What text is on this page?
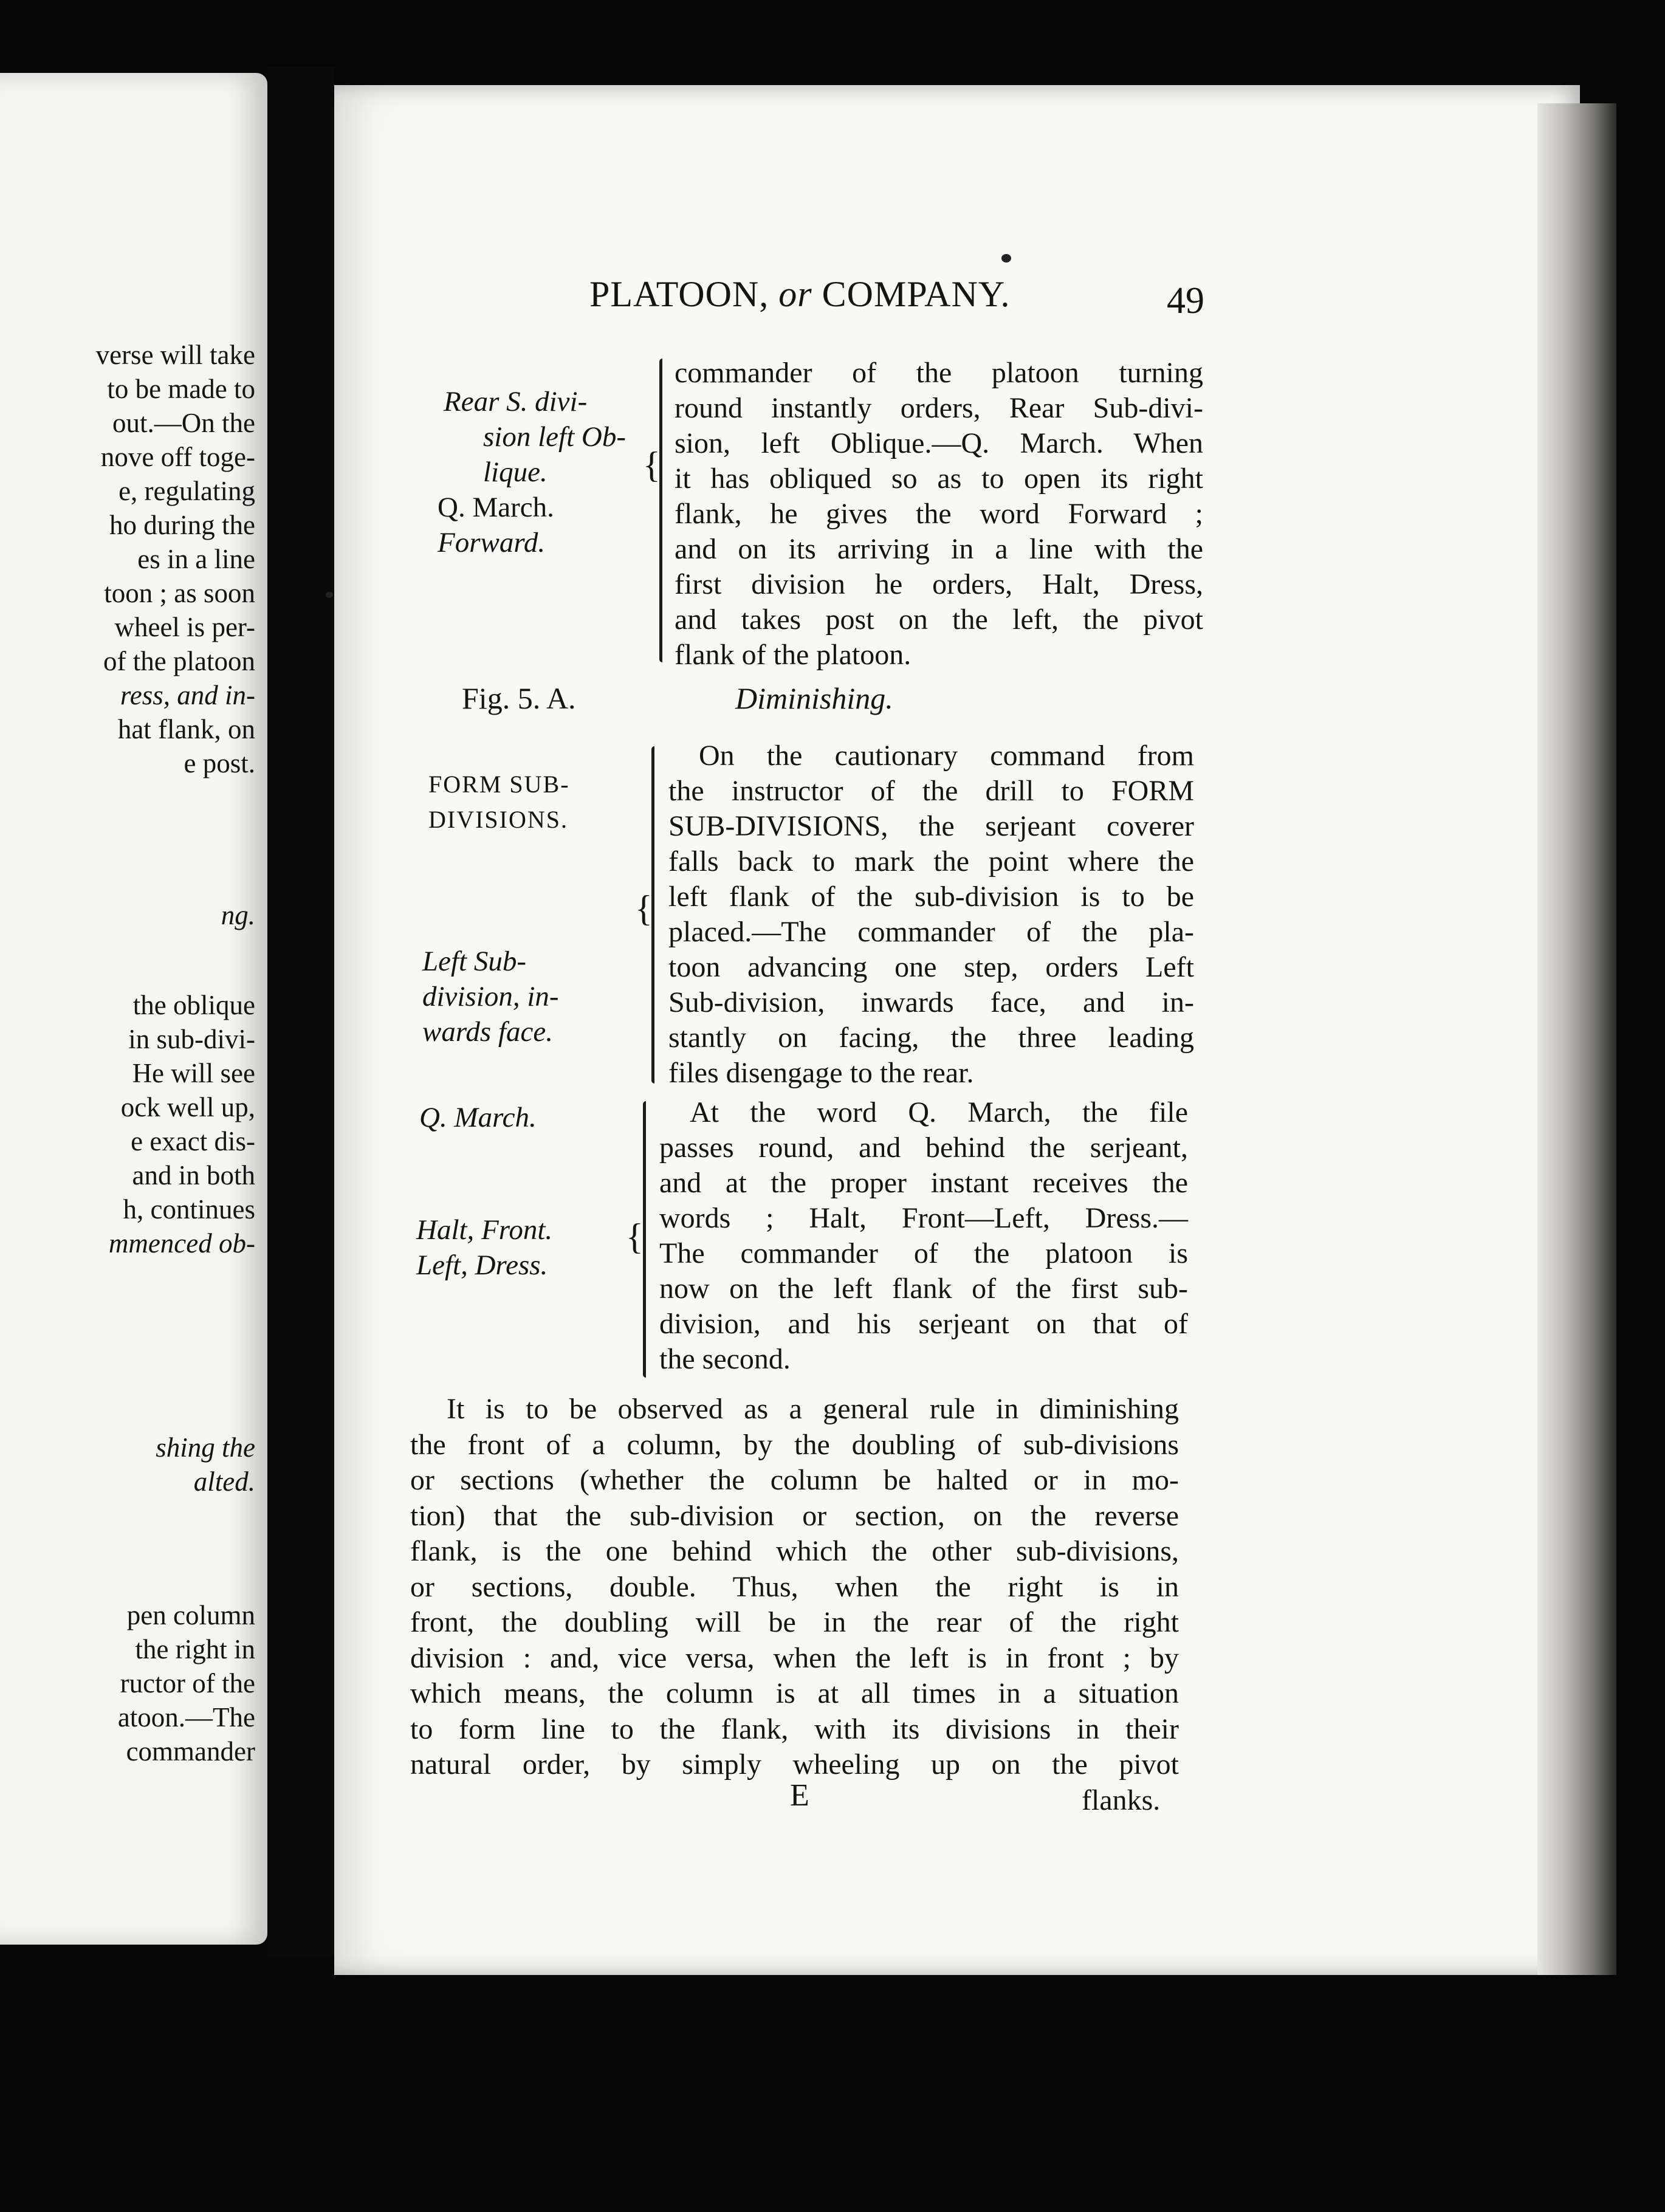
verse will take
to be made to
out.—On the
nove off toge-
e, regulating
ho during the
es in a line
toon ; as soon
wheel is per-
of the platoon
ress, and in-
hat flank, on
e post.
ng.
the oblique
in sub-divi-
He will see
ock well up,
e exact dis-
and in both
h, continues
mmenced ob-
shing the
alted.
pen column
the right in
ructor of the
atoon.—The
commander
PLATOON, or COMPANY.	49
Rear S. divi-
sion left Ob-
lique.
Q. March.
Forward.
{
commander of the platoon turning
round instantly orders, Rear Sub-divi-
sion, left Oblique.—Q. March. When
it has obliqued so as to open its right
flank, he gives the word Forward ;
and on its arriving in a line with the
first division he orders, Halt, Dress,
and takes post on the left, the pivot
flank of the platoon.
Fig. 5. A.	Diminishing.
FORM SUB-
DIVISIONS.
Left Sub-
division, in-
wards face.
{
On the cautionary command from
the instructor of the drill to FORM
SUB-DIVISIONS, the serjeant coverer
falls back to mark the point where the
left flank of the sub-division is to be
placed.—The commander of the pla-
toon advancing one step, orders Left
Sub-division, inwards face, and in-
stantly on facing, the three leading
files disengage to the rear.
Q. March.
Halt, Front.
Left, Dress.
{
At the word Q. March, the file
passes round, and behind the serjeant,
and at the proper instant receives the
words ; Halt, Front—Left, Dress.—
The commander of the platoon is
now on the left flank of the first sub-
division, and his serjeant on that of
the second.
It is to be observed as a general rule in diminishing
the front of a column, by the doubling of sub-divisions
or sections (whether the column be halted or in mo-
tion) that the sub-division or section, on the reverse
flank, is the one behind which the other sub-divisions,
or sections, double. Thus, when the right is in
front, the doubling will be in the rear of the right
division : and, vice versa, when the left is in front ; by
which means, the column is at all times in a situation
to form line to the flank, with its divisions in their
natural order, by simply wheeling up on the pivot
E	flanks.
